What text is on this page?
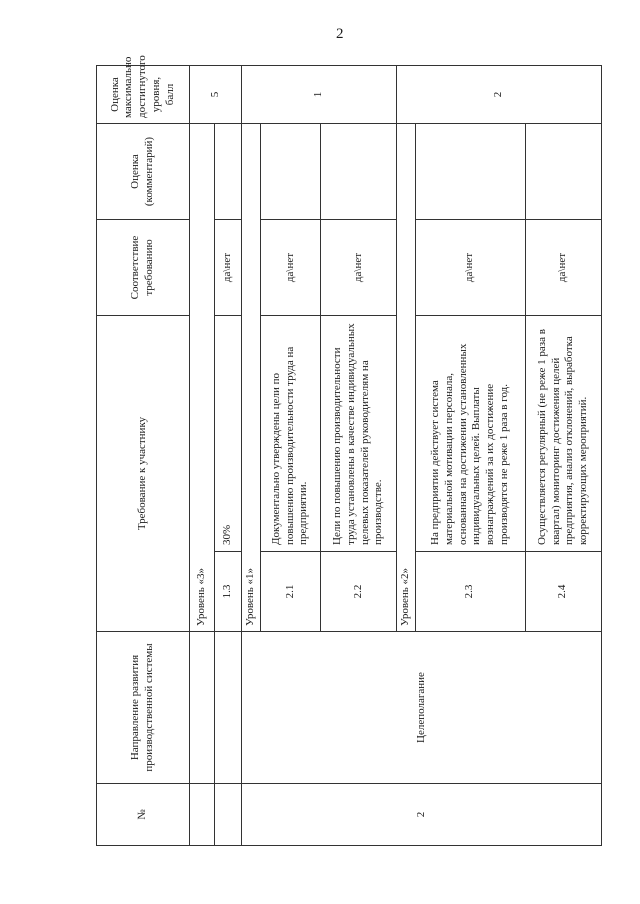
2
№	Направление развития производственной системы	Требование к участнику		Соответствие требованию	Оценка (комментарий)	Оценка максимально достигнутого уровня, балл
		Уровень «3»				5
		1.3	30%	да\нет		
2	Целеполагание	Уровень «1»				1
		2.1	Документально утверждены цели по повышению производительности труда на предприятии.	да\нет		
		2.2	Цели по повышению производительности труда установлены в качестве индивидуальных целевых показателей руководителям на производстве.	да\нет		
		Уровень «2»				2
		2.3	На предприятии действует система материальной мотивации персонала, основанная на достижении установленных индивидуальных целей. Выплаты вознаграждений за их достижение производятся не реже 1 раза в год.	да\нет		
		2.4	Осуществляется регулярный (не реже 1 раза в квартал) мониторинг достижения целей предприятия, анализ отклонений, выработка корректирующих мероприятий.	да\нет		
